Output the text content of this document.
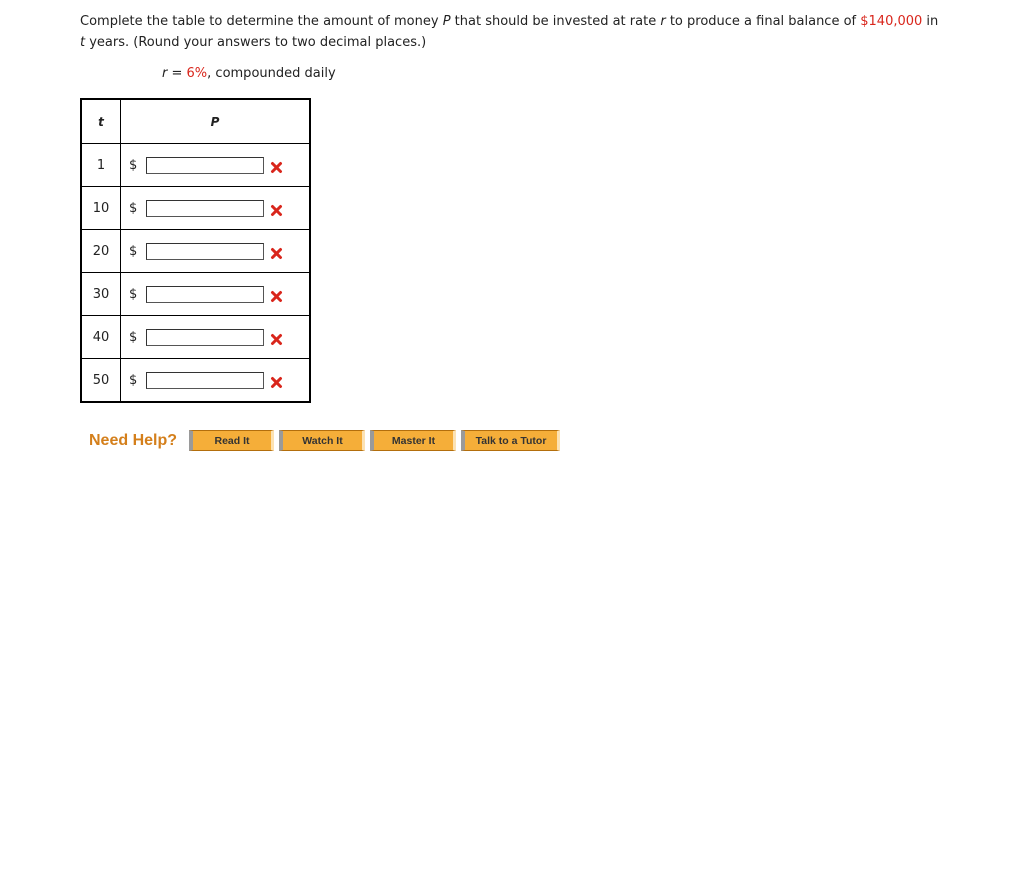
Complete the table to determine the amount of money P that should be invested at rate r to produce a final balance of $140,000 in
t years. (Round your answers to two decimal places.)
r = 6%, compounded daily
t	P
1	$

10	$

20	$

30	$

40	$

50	$
Need Help?	Read It	Watch It	Master It	Talk to a Tutor
